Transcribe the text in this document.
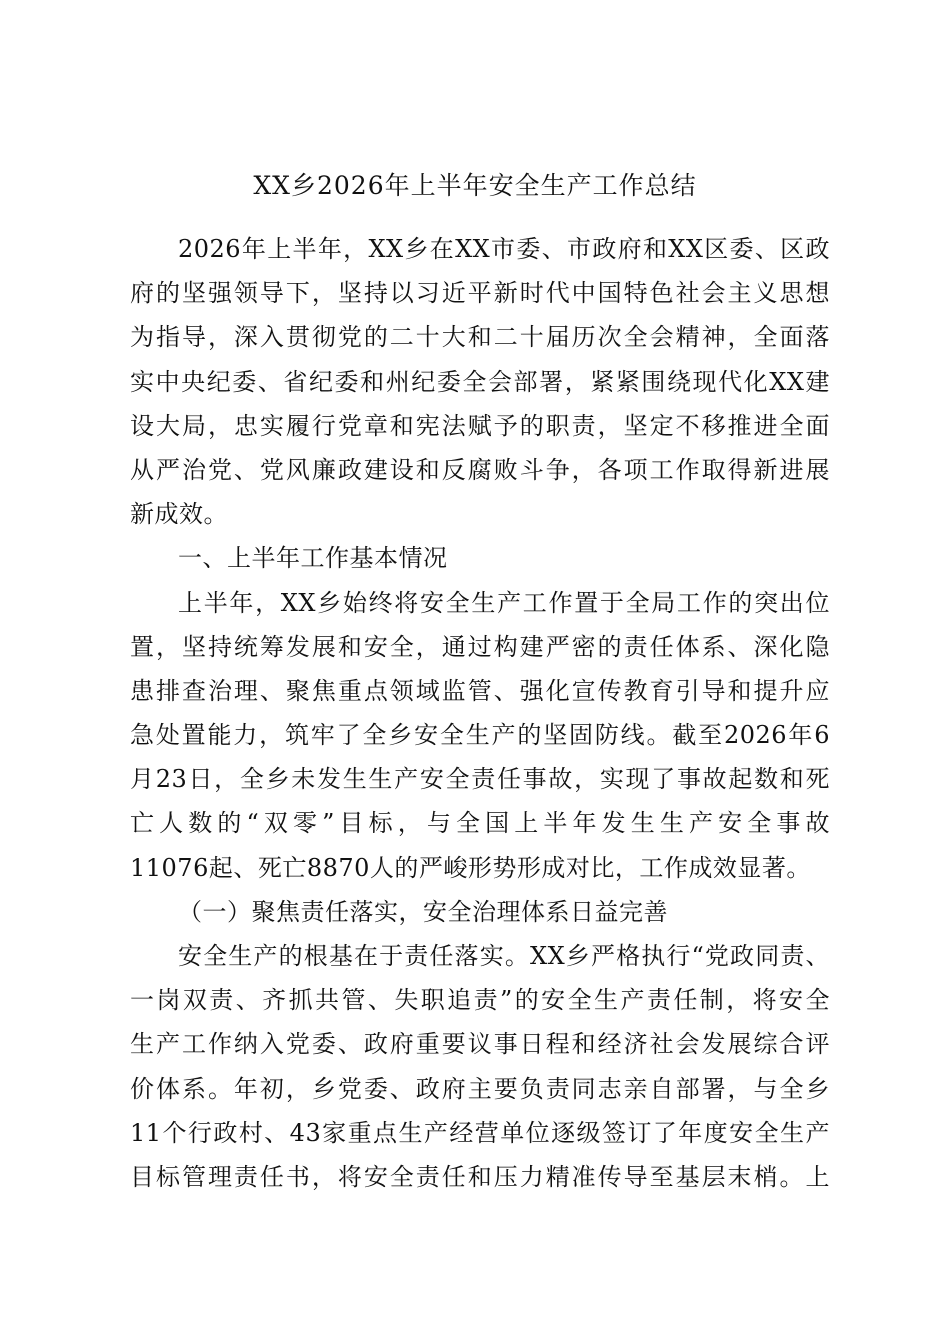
XX乡2026年上半年安全生产工作总结
2026年上半年，XX乡在XX市委、市政府和XX区委、区政
府的坚强领导下，坚持以习近平新时代中国特色社会主义思想
为指导，深入贯彻党的二十大和二十届历次全会精神，全面落
实中央纪委、省纪委和州纪委全会部署，紧紧围绕现代化XX建
设大局，忠实履行党章和宪法赋予的职责，坚定不移推进全面
从严治党、党风廉政建设和反腐败斗争，各项工作取得新进展
新成效。
一、上半年工作基本情况
上半年，XX乡始终将安全生产工作置于全局工作的突出位
置，坚持统筹发展和安全，通过构建严密的责任体系、深化隐
患排查治理、聚焦重点领域监管、强化宣传教育引导和提升应
急处置能力，筑牢了全乡安全生产的坚固防线。截至2026年6
月23日，全乡未发生生产安全责任事故，实现了事故起数和死
亡人数的“双零”目标，与全国上半年发生生产安全事故
11076起、死亡8870人的严峻形势形成对比，工作成效显著。
（一）聚焦责任落实，安全治理体系日益完善
安全生产的根基在于责任落实。XX乡严格执行“党政同责、
一岗双责、齐抓共管、失职追责”的安全生产责任制，将安全
生产工作纳入党委、政府重要议事日程和经济社会发展综合评
价体系。年初，乡党委、政府主要负责同志亲自部署，与全乡
11个行政村、43家重点生产经营单位逐级签订了年度安全生产
目标管理责任书，将安全责任和压力精准传导至基层末梢。上
